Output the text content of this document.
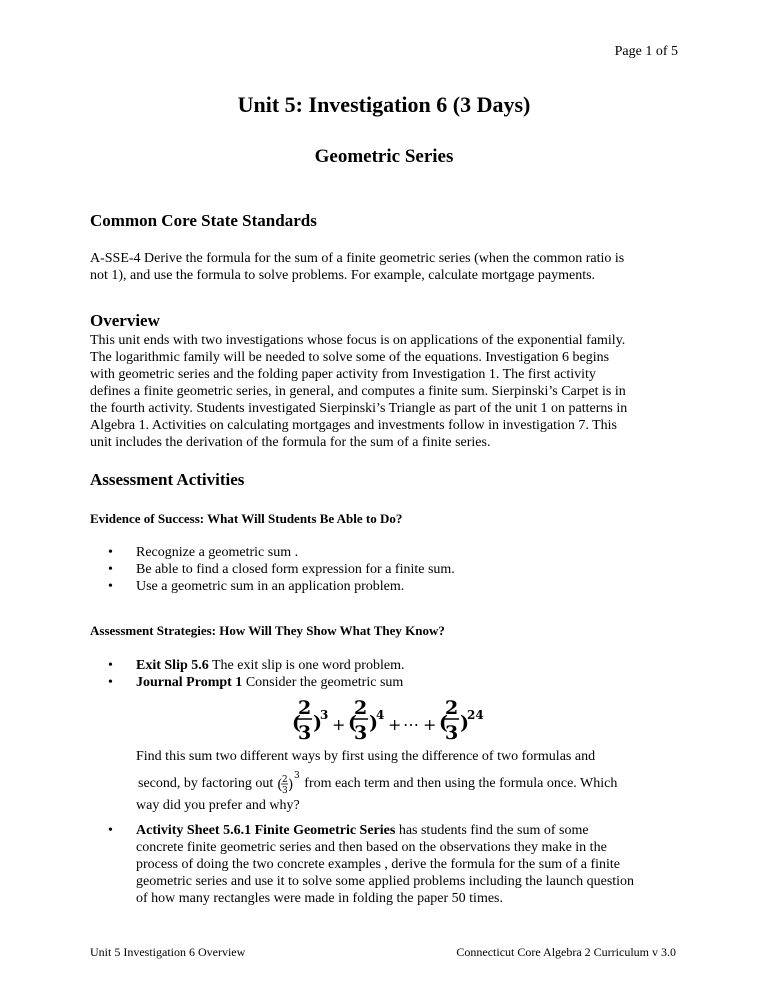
Page 1 of 5
Unit 5: Investigation 6 (3 Days)
Geometric Series
Common Core State Standards
A-SSE-4 Derive the formula for the sum of a finite geometric series (when the common ratio is
not 1), and use the formula to solve problems. For example, calculate mortgage payments.
Overview
This unit ends with two investigations whose focus is on applications of the exponential family.
The logarithmic family will be needed to solve some of the equations. Investigation 6 begins
with geometric series and the folding paper activity from Investigation 1. The first activity
defines a finite geometric series, in general, and computes a finite sum. Sierpinski’s Carpet is in
the fourth activity. Students investigated Sierpinski’s Triangle as part of the unit 1 on patterns in
Algebra 1. Activities on calculating mortgages and investments follow in investigation 7. This
unit includes the derivation of the formula for the sum of a finite series.
Assessment Activities
Evidence of Success: What Will Students Be Able to Do?
• Recognize a geometric sum .
• Be able to find a closed form expression for a finite sum.
• Use a geometric sum in an application problem.
Assessment Strategies: How Will They Show What They Know?
• Exit Slip 5.6 The exit slip is one word problem.
• Journal Prompt 1 Consider the geometric sum
(
2
3 )
3 + (
2
3 )
4 + ⋯ + (
2
3 )
24
Find this sum two different ways by first using the difference of two formulas and
second, by factoring out ( 2
3 )
3
from each term and then using the formula once. Which
way did you prefer and why?
• Activity Sheet 5.6.1 Finite Geometric Series has students find the sum of some
concrete finite geometric series and then based on the observations they make in the
process of doing the two concrete examples , derive the formula for the sum of a finite
geometric series and use it to solve some applied problems including the launch question
of how many rectangles were made in folding the paper 50 times.
Unit 5 Investigation 6 Overview	Connecticut Core Algebra 2 Curriculum v 3.0
